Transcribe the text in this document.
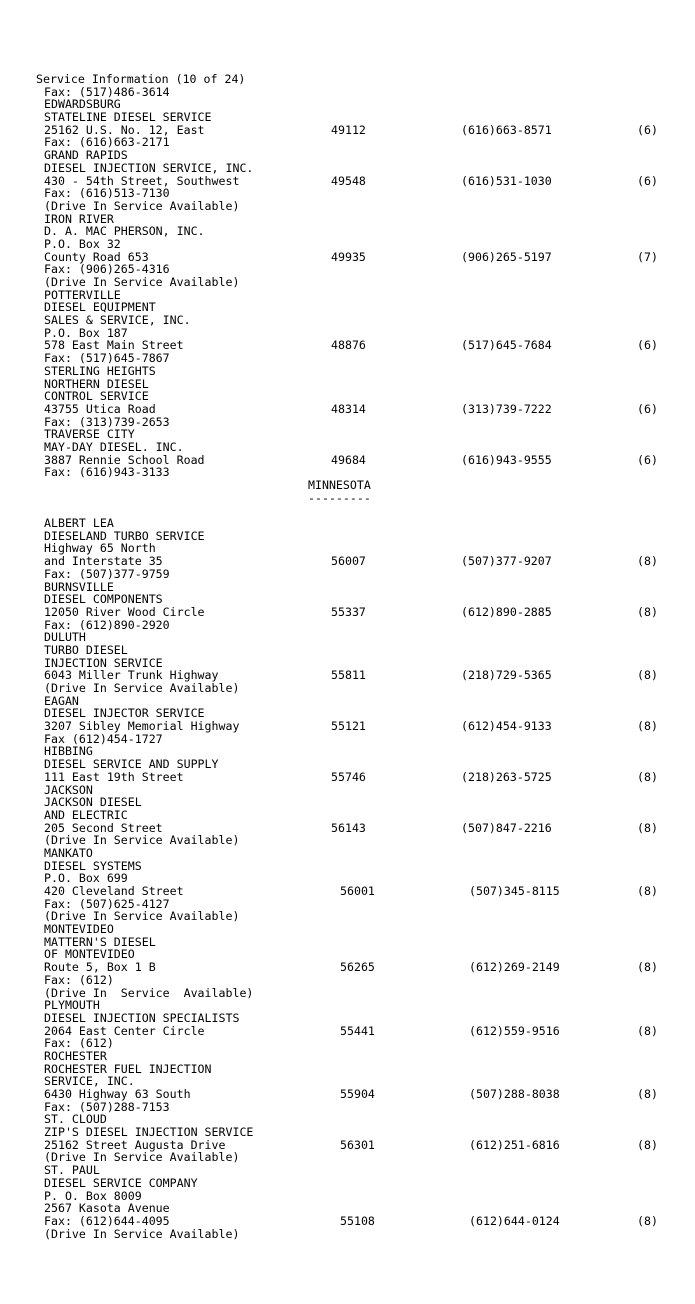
Service Information (10 of 24)

Fax: (517)486-3614
EDWARDSBURG
STATELINE DIESEL SERVICE
25162 U.S. No. 12, East	49112	(616)663-8571	(6)
Fax: (616)663-2171
GRAND RAPIDS
DIESEL INJECTION SERVICE, INC.
430 - 54th Street, Southwest	49548	(616)531-1030	(6)
Fax: (616)513-7130
(Drive In Service Available)
IRON RIVER
D. A. MAC PHERSON, INC.
P.O. Box 32
County Road 653	49935	(906)265-5197	(7)
Fax: (906)265-4316
(Drive In Service Available)
POTTERVILLE
DIESEL EQUIPMENT
SALES & SERVICE, INC.
P.O. Box 187
578 East Main Street	48876	(517)645-7684	(6)
Fax: (517)645-7867
STERLING HEIGHTS
NORTHERN DIESEL
CONTROL SERVICE
43755 Utica Road	48314	(313)739-7222	(6)
Fax: (313)739-2653
TRAVERSE CITY
MAY-DAY DIESEL. INC.
3887 Rennie School Road	49684	(616)943-9555	(6)
Fax: (616)943-3133
MINNESOTA
---------
ALBERT LEA
DIESELAND TURBO SERVICE
Highway 65 North
and Interstate 35	56007	(507)377-9207	(8)
Fax: (507)377-9759
BURNSVILLE
DIESEL COMPONENTS
12050 River Wood Circle	55337	(612)890-2885	(8)
Fax: (612)890-2920
DULUTH
TURBO DIESEL
INJECTION SERVICE
6043 Miller Trunk Highway	55811	(218)729-5365	(8)
(Drive In Service Available)
EAGAN
DIESEL INJECTOR SERVICE
3207 Sibley Memorial Highway	55121	(612)454-9133	(8)
Fax (612)454-1727
HIBBING
DIESEL SERVICE AND SUPPLY
111 East 19th Street	55746	(218)263-5725	(8)
JACKSON
JACKSON DIESEL
AND ELECTRIC
205 Second Street	56143	(507)847-2216	(8)
(Drive In Service Available)
MANKATO
DIESEL SYSTEMS
P.O. Box 699
420 Cleveland Street	56001	(507)345-8115	(8)
Fax: (507)625-4127
(Drive In Service Available)
MONTEVIDEO
MATTERN'S DIESEL
OF MONTEVIDEO
Route 5, Box 1 B	56265	(612)269-2149	(8)
Fax: (612)
(Drive In  Service  Available)
PLYMOUTH
DIESEL INJECTION SPECIALISTS
2064 East Center Circle	55441	(612)559-9516	(8)
Fax: (612)
ROCHESTER
ROCHESTER FUEL INJECTION
SERVICE, INC.
6430 Highway 63 South	55904	(507)288-8038	(8)
Fax: (507)288-7153
ST. CLOUD
ZIP'S DIESEL INJECTION SERVICE
25162 Street Augusta Drive	56301	(612)251-6816	(8)
(Drive In Service Available)
ST. PAUL
DIESEL SERVICE COMPANY
P. O. Box 8009
2567 Kasota Avenue
Fax: (612)644-4095	55108	(612)644-0124	(8)
(Drive In Service Available)
